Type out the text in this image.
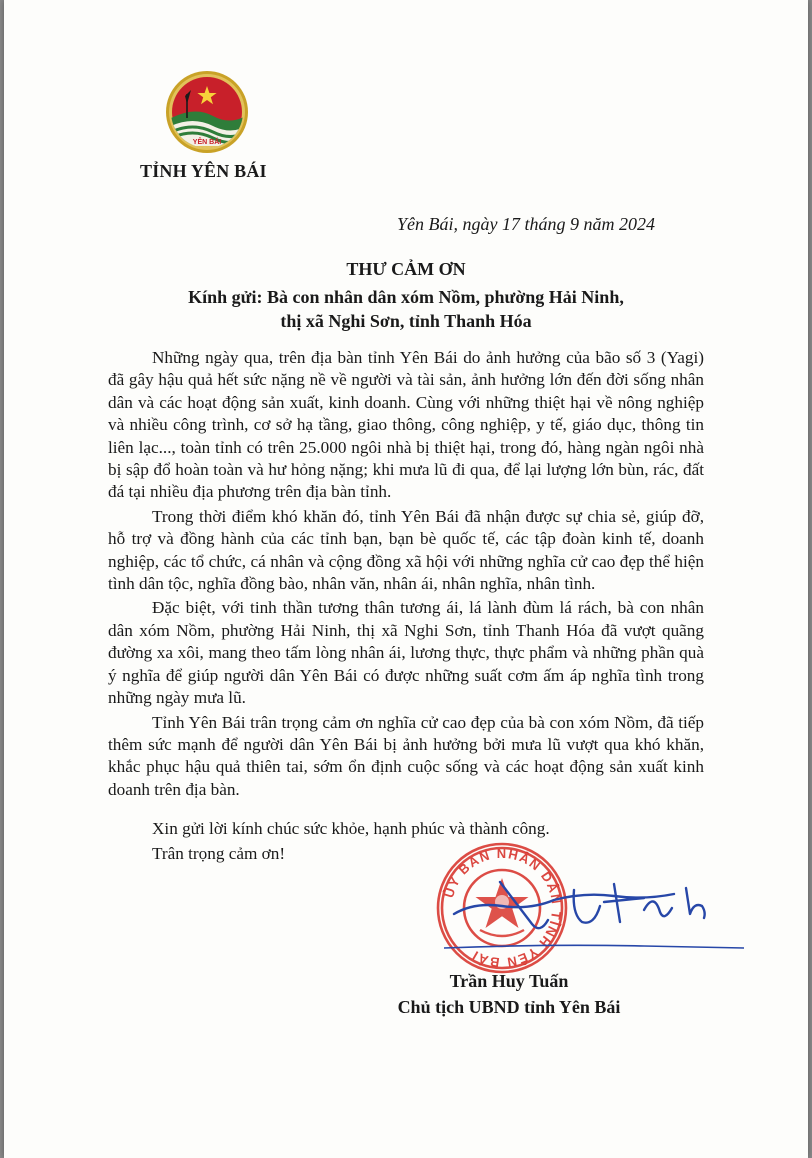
YÊN BÁI
TỈNH YÊN BÁI
Yên Bái, ngày 17 tháng 9 năm 2024
THƯ CẢM ƠN
Kính gửi: Bà con nhân dân xóm Nồm, phường Hải Ninh,
thị xã Nghi Sơn, tỉnh Thanh Hóa

Những ngày qua, trên địa bàn tỉnh Yên Bái do ảnh hưởng của bão số 3 (Yagi) đã gây hậu quả hết sức nặng nề về người và tài sản, ảnh hưởng lớn đến đời sống nhân dân và các hoạt động sản xuất, kinh doanh. Cùng với những thiệt hại về nông nghiệp và nhiều công trình, cơ sở hạ tầng, giao thông, công nghiệp, y tế, giáo dục, thông tin liên lạc..., toàn tỉnh có trên 25.000 ngôi nhà bị thiệt hại, trong đó, hàng ngàn ngôi nhà bị sập đổ hoàn toàn và hư hỏng nặng; khi mưa lũ đi qua, để lại lượng lớn bùn, rác, đất đá tại nhiều địa phương trên địa bàn tỉnh.

Trong thời điểm khó khăn đó, tỉnh Yên Bái đã nhận được sự chia sẻ, giúp đỡ, hỗ trợ và đồng hành của các tỉnh bạn, bạn bè quốc tế, các tập đoàn kinh tế, doanh nghiệp, các tổ chức, cá nhân và cộng đồng xã hội với những nghĩa cử cao đẹp thể hiện tình dân tộc, nghĩa đồng bào, nhân văn, nhân ái, nhân nghĩa, nhân tình.

Đặc biệt, với tinh thần tương thân tương ái, lá lành đùm lá rách, bà con nhân dân xóm Nồm, phường Hải Ninh, thị xã Nghi Sơn, tỉnh Thanh Hóa đã vượt quãng đường xa xôi, mang theo tấm lòng nhân ái, lương thực, thực phẩm và những phần quà ý nghĩa để giúp người dân Yên Bái có được những suất cơm ấm áp nghĩa tình trong những ngày mưa lũ.

Tỉnh Yên Bái trân trọng cảm ơn nghĩa cử cao đẹp của bà con xóm Nồm, đã tiếp thêm sức mạnh để người dân Yên Bái bị ảnh hưởng bởi mưa lũ vượt qua khó khăn, khắc phục hậu quả thiên tai, sớm ổn định cuộc sống và các hoạt động sản xuất kinh doanh trên địa bàn.

Xin gửi lời kính chúc sức khỏe, hạnh phúc và thành công.
Trân trọng cảm ơn!
ỦY BAN NHÂN DÂN TỈNH YÊN BÁI
Trần Huy Tuấn
Chủ tịch UBND tỉnh Yên Bái
